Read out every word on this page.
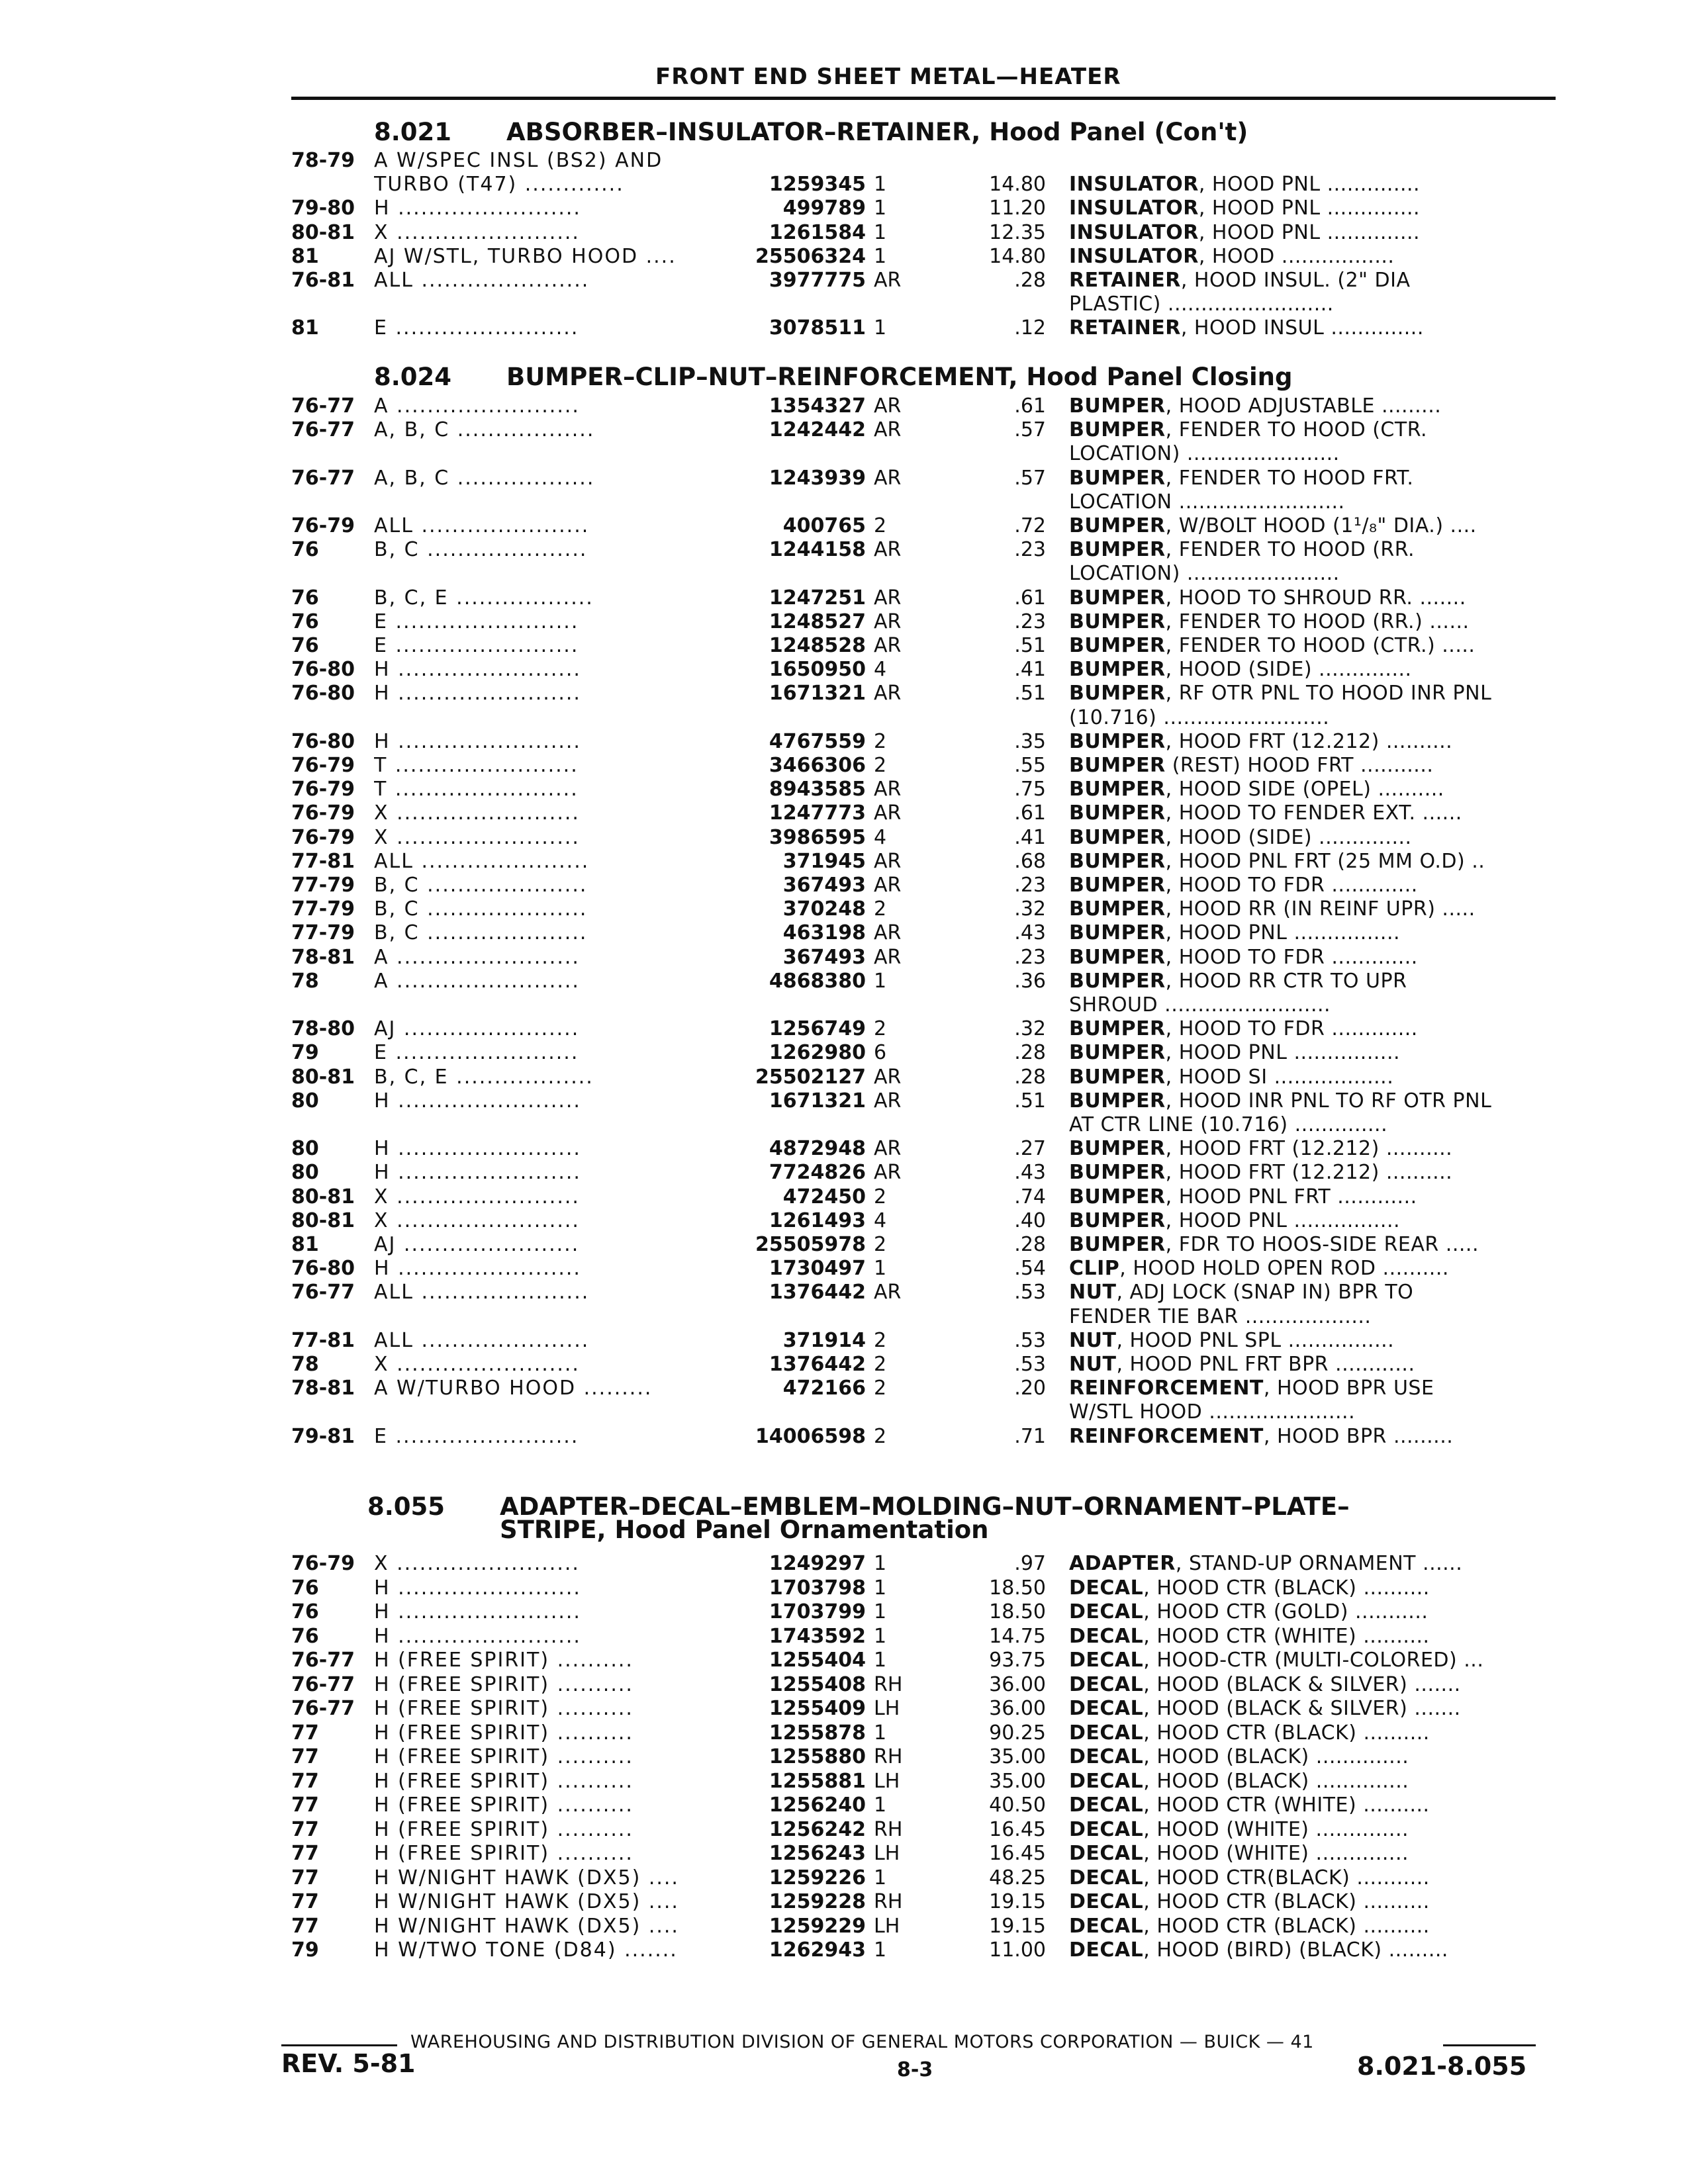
FRONT END SHEET METAL—HEATER
8.021 ABSORBER–INSULATOR–RETAINER, Hood Panel (Con't)
78-79 A W/SPEC INSL (BS2) AND
TURBO (T47) .............	1259345 1	14.80 INSULATOR, HOOD PNL ..............
79-80 H ........................	499789 1	11.20 INSULATOR, HOOD PNL ..............
80-81 X ........................	1261584 1	12.35 INSULATOR, HOOD PNL ..............
81	AJ W/STL, TURBO HOOD ....	25506324 1	14.80 INSULATOR, HOOD .................
76-81 ALL ......................	3977775 AR	.28 RETAINER, HOOD INSUL. (2" DIA
PLASTIC) .........................
81	E ........................	3078511 1	.12 RETAINER, HOOD INSUL ..............
8.024 BUMPER–CLIP–NUT–REINFORCEMENT, Hood Panel Closing
76-77 A ........................	1354327 AR	.61 BUMPER, HOOD ADJUSTABLE .........
76-77 A, B, C ..................	1242442 AR	.57 BUMPER, FENDER TO HOOD (CTR.
LOCATION) .......................
76-77 A, B, C ..................	1243939 AR	.57 BUMPER, FENDER TO HOOD FRT.
LOCATION .........................
76-79 ALL ......................	400765 2	.72 BUMPER, W/BOLT HOOD (1¹/₈" DIA.) ....
76	B, C .....................	1244158 AR	.23 BUMPER, FENDER TO HOOD (RR.
LOCATION) .......................
76	B, C, E ..................	1247251 AR	.61 BUMPER, HOOD TO SHROUD RR. .......
76	E ........................	1248527 AR	.23 BUMPER, FENDER TO HOOD (RR.) ......
76	E ........................	1248528 AR	.51 BUMPER, FENDER TO HOOD (CTR.) .....
76-80 H ........................	1650950 4	.41 BUMPER, HOOD (SIDE) ..............
76-80 H ........................	1671321 AR	.51 BUMPER, RF OTR PNL TO HOOD INR PNL
(10.716) .........................
76-80 H ........................	4767559 2	.35 BUMPER, HOOD FRT (12.212) ..........
76-79 T ........................	3466306 2	.55 BUMPER (REST) HOOD FRT ...........
76-79 T ........................	8943585 AR	.75 BUMPER, HOOD SIDE (OPEL) ..........
76-79 X ........................	1247773 AR	.61 BUMPER, HOOD TO FENDER EXT. ......
76-79 X ........................	3986595 4	.41 BUMPER, HOOD (SIDE) ..............
77-81 ALL ......................	371945 AR	.68 BUMPER, HOOD PNL FRT (25 MM O.D) ..
77-79 B, C .....................	367493 AR	.23 BUMPER, HOOD TO FDR .............
77-79 B, C .....................	370248 2	.32 BUMPER, HOOD RR (IN REINF UPR) .....
77-79 B, C .....................	463198 AR	.43 BUMPER, HOOD PNL ................
78-81 A ........................	367493 AR	.23 BUMPER, HOOD TO FDR .............
78	A ........................	4868380 1	.36 BUMPER, HOOD RR CTR TO UPR
SHROUD .........................
78-80 AJ .......................	1256749 2	.32 BUMPER, HOOD TO FDR .............
79	E ........................	1262980 6	.28 BUMPER, HOOD PNL ................
80-81 B, C, E ..................	25502127 AR	.28 BUMPER, HOOD SI ..................
80	H ........................	1671321 AR	.51 BUMPER, HOOD INR PNL TO RF OTR PNL
AT CTR LINE (10.716) ..............
80	H ........................	4872948 AR	.27 BUMPER, HOOD FRT (12.212) ..........
80	H ........................	7724826 AR	.43 BUMPER, HOOD FRT (12.212) ..........
80-81 X ........................	472450 2	.74 BUMPER, HOOD PNL FRT ............
80-81 X ........................	1261493 4	.40 BUMPER, HOOD PNL ................
81	AJ .......................	25505978 2	.28 BUMPER, FDR TO HOOS-SIDE REAR .....
76-80 H ........................	1730497 1	.54 CLIP, HOOD HOLD OPEN ROD ..........
76-77 ALL ......................	1376442 AR	.53 NUT, ADJ LOCK (SNAP IN) BPR TO
FENDER TIE BAR ...................
77-81 ALL ......................	371914 2	.53 NUT, HOOD PNL SPL ................
78	X ........................	1376442 2	.53 NUT, HOOD PNL FRT BPR ............
78-81 A W/TURBO HOOD .........	472166 2	.20 REINFORCEMENT, HOOD BPR USE
W/STL HOOD ......................
79-81 E ........................	14006598 2	.71 REINFORCEMENT, HOOD BPR .........
8.055 ADAPTER–DECAL–EMBLEM–MOLDING–NUT–ORNAMENT–PLATE–
STRIPE, Hood Panel Ornamentation
76-79 X ........................	1249297 1	.97 ADAPTER, STAND-UP ORNAMENT ......
76	H ........................	1703798 1	18.50 DECAL, HOOD CTR (BLACK) ..........
76	H ........................	1703799 1	18.50 DECAL, HOOD CTR (GOLD) ...........
76	H ........................	1743592 1	14.75 DECAL, HOOD CTR (WHITE) ..........
76-77 H (FREE SPIRIT) ..........	1255404 1	93.75 DECAL, HOOD-CTR (MULTI-COLORED) ...
76-77 H (FREE SPIRIT) ..........	1255408 RH	36.00 DECAL, HOOD (BLACK & SILVER) .......
76-77 H (FREE SPIRIT) ..........	1255409 LH	36.00 DECAL, HOOD (BLACK & SILVER) .......
77	H (FREE SPIRIT) ..........	1255878 1	90.25 DECAL, HOOD CTR (BLACK) ..........
77	H (FREE SPIRIT) ..........	1255880 RH	35.00 DECAL, HOOD (BLACK) ..............
77	H (FREE SPIRIT) ..........	1255881 LH	35.00 DECAL, HOOD (BLACK) ..............
77	H (FREE SPIRIT) ..........	1256240 1	40.50 DECAL, HOOD CTR (WHITE) ..........
77	H (FREE SPIRIT) ..........	1256242 RH	16.45 DECAL, HOOD (WHITE) ..............
77	H (FREE SPIRIT) ..........	1256243 LH	16.45 DECAL, HOOD (WHITE) ..............
77	H W/NIGHT HAWK (DX5) ....	1259226 1	48.25 DECAL, HOOD CTR(BLACK) ...........
77	H W/NIGHT HAWK (DX5) ....	1259228 RH	19.15 DECAL, HOOD CTR (BLACK) ..........
77	H W/NIGHT HAWK (DX5) ....	1259229 LH	19.15 DECAL, HOOD CTR (BLACK) ..........
79	H W/TWO TONE (D84) .......	1262943 1	11.00 DECAL, HOOD (BIRD) (BLACK) .........
WAREHOUSING AND DISTRIBUTION DIVISION OF GENERAL MOTORS CORPORATION — BUICK — 41
REV. 5-81	8-3	8.021-8.055
